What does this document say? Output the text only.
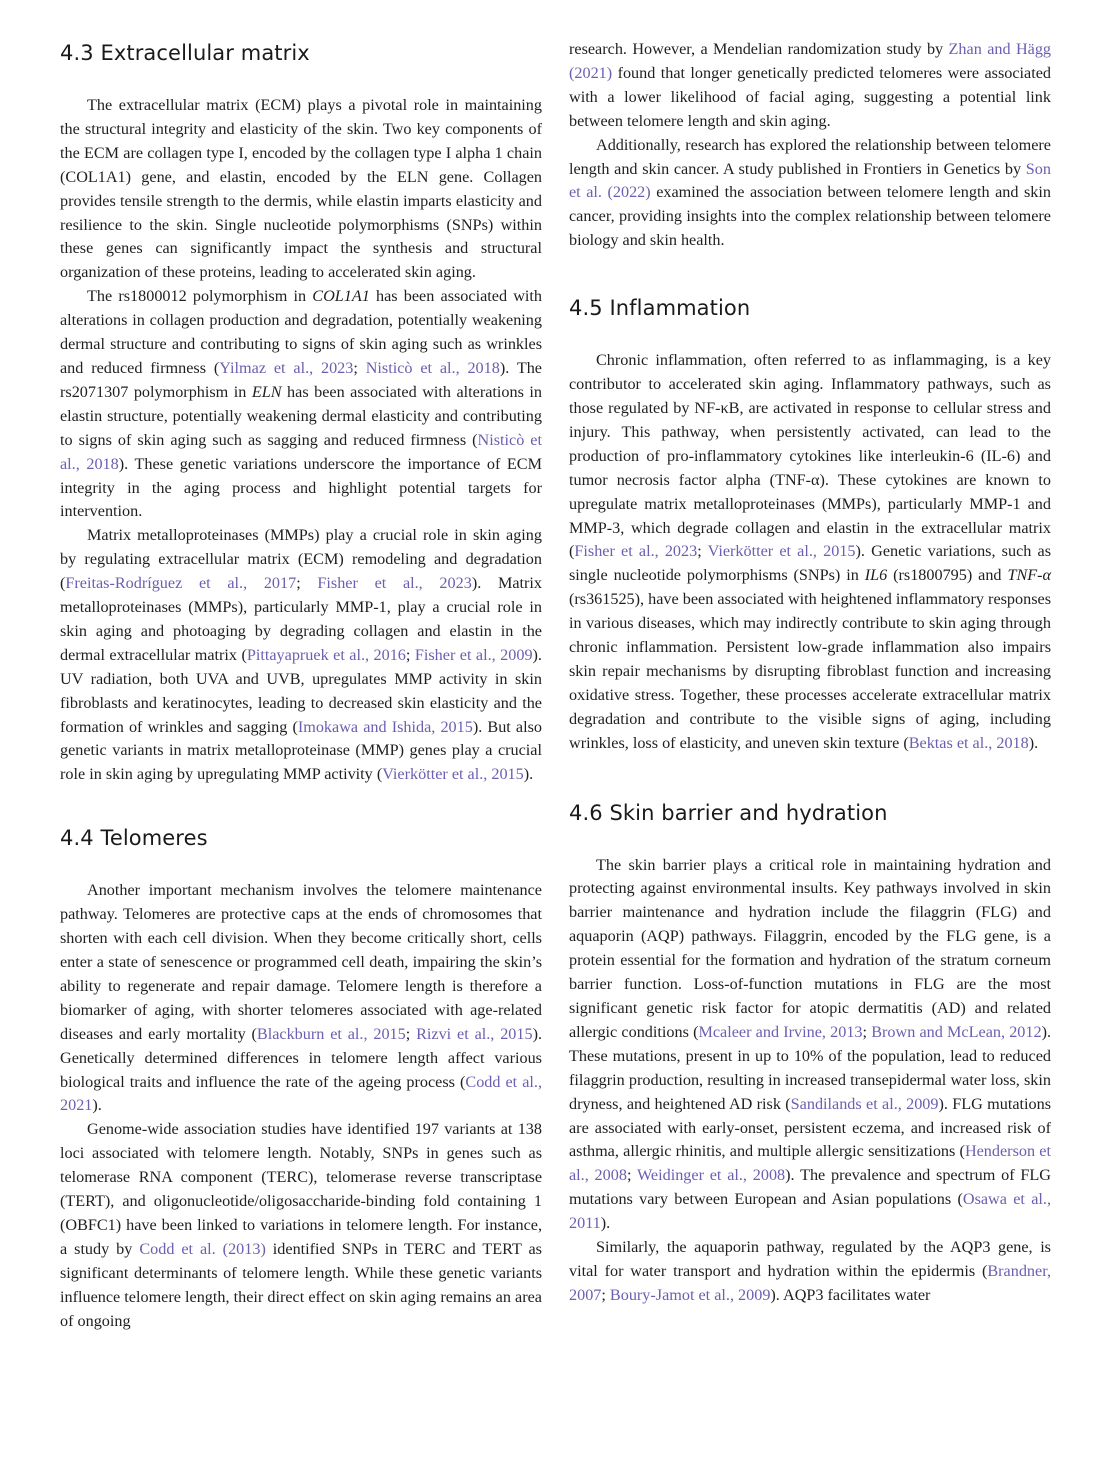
4.3 Extracellular matrix

The extracellular matrix (ECM) plays a pivotal role in maintaining the structural integrity and elasticity of the skin. Two key components of the ECM are collagen type I, encoded by the collagen type I alpha 1 chain (COL1A1) gene, and elastin, encoded by the ELN gene. Collagen provides tensile strength to the dermis, while elastin imparts elasticity and resilience to the skin. Single nucleotide polymorphisms (SNPs) within these genes can significantly impact the synthesis and structural organization of these proteins, leading to accelerated skin aging.

The rs1800012 polymorphism in COL1A1 has been associated with alterations in collagen production and degradation, potentially weakening dermal structure and contributing to signs of skin aging such as wrinkles and reduced firmness (Yilmaz et al., 2023; Nisticò et al., 2018). The rs2071307 polymorphism in ELN has been associated with alterations in elastin structure, potentially weakening dermal elasticity and contributing to signs of skin aging such as sagging and reduced firmness (Nisticò et al., 2018). These genetic variations underscore the importance of ECM integrity in the aging process and highlight potential targets for intervention.

Matrix metalloproteinases (MMPs) play a crucial role in skin aging by regulating extracellular matrix (ECM) remodeling and degradation (Freitas-Rodríguez et al., 2017; Fisher et al., 2023). Matrix metalloproteinases (MMPs), particularly MMP-1, play a crucial role in skin aging and photoaging by degrading collagen and elastin in the dermal extracellular matrix (Pittayapruek et al., 2016; Fisher et al., 2009). UV radiation, both UVA and UVB, upregulates MMP activity in skin fibroblasts and keratinocytes, leading to decreased skin elasticity and the formation of wrinkles and sagging (Imokawa and Ishida, 2015). But also genetic variants in matrix metalloproteinase (MMP) genes play a crucial role in skin aging by upregulating MMP activity (Vierkötter et al., 2015).

4.4 Telomeres

Another important mechanism involves the telomere maintenance pathway. Telomeres are protective caps at the ends of chromosomes that shorten with each cell division. When they become critically short, cells enter a state of senescence or programmed cell death, impairing the skin’s ability to regenerate and repair damage. Telomere length is therefore a biomarker of aging, with shorter telomeres associated with age-related diseases and early mortality (Blackburn et al., 2015; Rizvi et al., 2015). Genetically determined differences in telomere length affect various biological traits and influence the rate of the ageing process (Codd et al., 2021).

Genome-wide association studies have identified 197 variants at 138 loci associated with telomere length. Notably, SNPs in genes such as telomerase RNA component (TERC), telomerase reverse transcriptase (TERT), and oligonucleotide/oligosaccharide-binding fold containing 1 (OBFC1) have been linked to variations in telomere length. For instance, a study by Codd et al. (2013) identified SNPs in TERC and TERT as significant determinants of telomere length. While these genetic variants influence telomere length, their direct effect on skin aging remains an area of ongoing

research. However, a Mendelian randomization study by Zhan and Hägg (2021) found that longer genetically predicted telomeres were associated with a lower likelihood of facial aging, suggesting a potential link between telomere length and skin aging.

Additionally, research has explored the relationship between telomere length and skin cancer. A study published in Frontiers in Genetics by Son et al. (2022) examined the association between telomere length and skin cancer, providing insights into the complex relationship between telomere biology and skin health.

4.5 Inflammation

Chronic inflammation, often referred to as inflammaging, is a key contributor to accelerated skin aging. Inflammatory pathways, such as those regulated by NF-κB, are activated in response to cellular stress and injury. This pathway, when persistently activated, can lead to the production of pro-inflammatory cytokines like interleukin-6 (IL-6) and tumor necrosis factor alpha (TNF-α). These cytokines are known to upregulate matrix metalloproteinases (MMPs), particularly MMP-1 and MMP-3, which degrade collagen and elastin in the extracellular matrix (Fisher et al., 2023; Vierkötter et al., 2015). Genetic variations, such as single nucleotide polymorphisms (SNPs) in IL6 (rs1800795) and TNF-α (rs361525), have been associated with heightened inflammatory responses in various diseases, which may indirectly contribute to skin aging through chronic inflammation. Persistent low-grade inflammation also impairs skin repair mechanisms by disrupting fibroblast function and increasing oxidative stress. Together, these processes accelerate extracellular matrix degradation and contribute to the visible signs of aging, including wrinkles, loss of elasticity, and uneven skin texture (Bektas et al., 2018).

4.6 Skin barrier and hydration

The skin barrier plays a critical role in maintaining hydration and protecting against environmental insults. Key pathways involved in skin barrier maintenance and hydration include the filaggrin (FLG) and aquaporin (AQP) pathways. Filaggrin, encoded by the FLG gene, is a protein essential for the formation and hydration of the stratum corneum barrier function. Loss-of-function mutations in FLG are the most significant genetic risk factor for atopic dermatitis (AD) and related allergic conditions (Mcaleer and Irvine, 2013; Brown and McLean, 2012). These mutations, present in up to 10% of the population, lead to reduced filaggrin production, resulting in increased transepidermal water loss, skin dryness, and heightened AD risk (Sandilands et al., 2009). FLG mutations are associated with early-onset, persistent eczema, and increased risk of asthma, allergic rhinitis, and multiple allergic sensitizations (Henderson et al., 2008; Weidinger et al., 2008). The prevalence and spectrum of FLG mutations vary between European and Asian populations (Osawa et al., 2011).

Similarly, the aquaporin pathway, regulated by the AQP3 gene, is vital for water transport and hydration within the epidermis (Brandner, 2007; Boury-Jamot et al., 2009). AQP3 facilitates water
